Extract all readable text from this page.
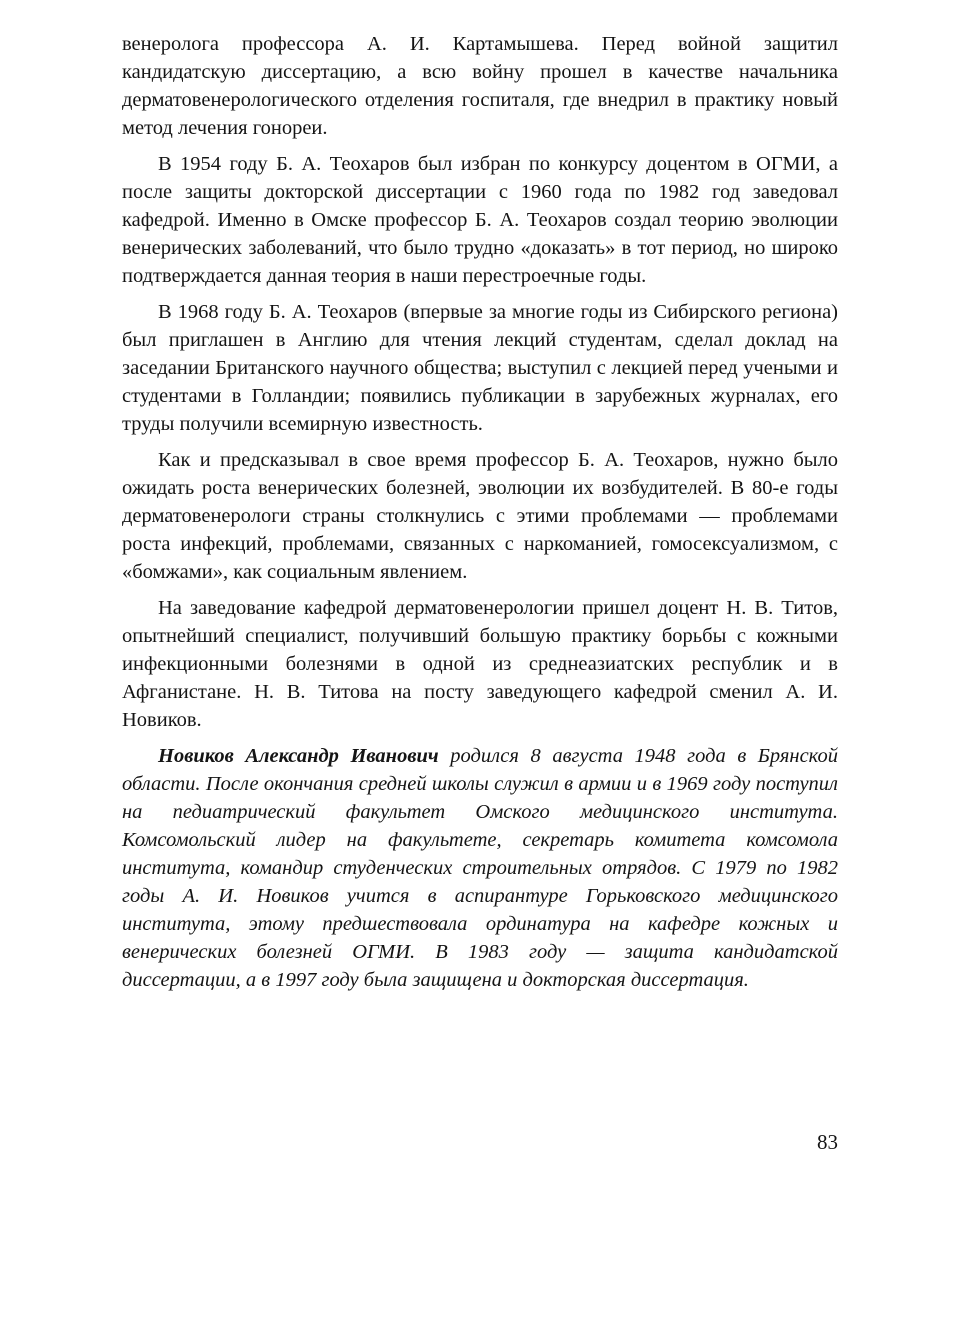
венеролога профессора А. И. Картамышева. Перед войной защитил кандидатскую диссертацию, а всю войну прошел в качестве начальника дерматовенерологического отделения госпиталя, где внедрил в практику новый метод лечения гонореи.

В 1954 году Б. А. Теохаров был избран по конкурсу доцентом в ОГМИ, а после защиты докторской диссертации с 1960 года по 1982 год заведовал кафедрой. Именно в Омске профессор Б. А. Теохаров создал теорию эволюции венерических заболеваний, что было трудно «доказать» в тот период, но широко подтверждается данная теория в наши перестроечные годы.

В 1968 году Б. А. Теохаров (впервые за многие годы из Сибирского региона) был приглашен в Англию для чтения лекций студентам, сделал доклад на заседании Британского научного общества; выступил с лекцией перед учеными и студентами в Голландии; появились публикации в зарубежных журналах, его труды получили всемирную известность.

Как и предсказывал в свое время профессор Б. А. Теохаров, нужно было ожидать роста венерических болезней, эволюции их возбудителей. В 80-е годы дерматовенерологи страны столкнулись с этими проблемами — проблемами роста инфекций, проблемами, связанных с наркоманией, гомосексуализмом, с «бомжами», как социальным явлением.

На заведование кафедрой дерматовенерологии пришел доцент Н. В. Титов, опытнейший специалист, получивший большую практику борьбы с кожными инфекционными болезнями в одной из среднеазиатских республик и в Афганистане. Н. В. Титова на посту заведующего кафедрой сменил А. И. Новиков.

Новиков Александр Иванович родился 8 августа 1948 года в Брянской области. После окончания средней школы служил в армии и в 1969 году поступил на педиатрический факультет Омского медицинского института. Комсомольский лидер на факультете, секретарь комитета комсомола института, командир студенческих строительных отрядов. С 1979 по 1982 годы А. И. Новиков учится в аспирантуре Горьковского медицинского института, этому предшествовала ординатура на кафедре кожных и венерических болезней ОГМИ. В 1983 году — защита кандидатской диссертации, а в 1997 году была защищена и докторская диссертация.

83
